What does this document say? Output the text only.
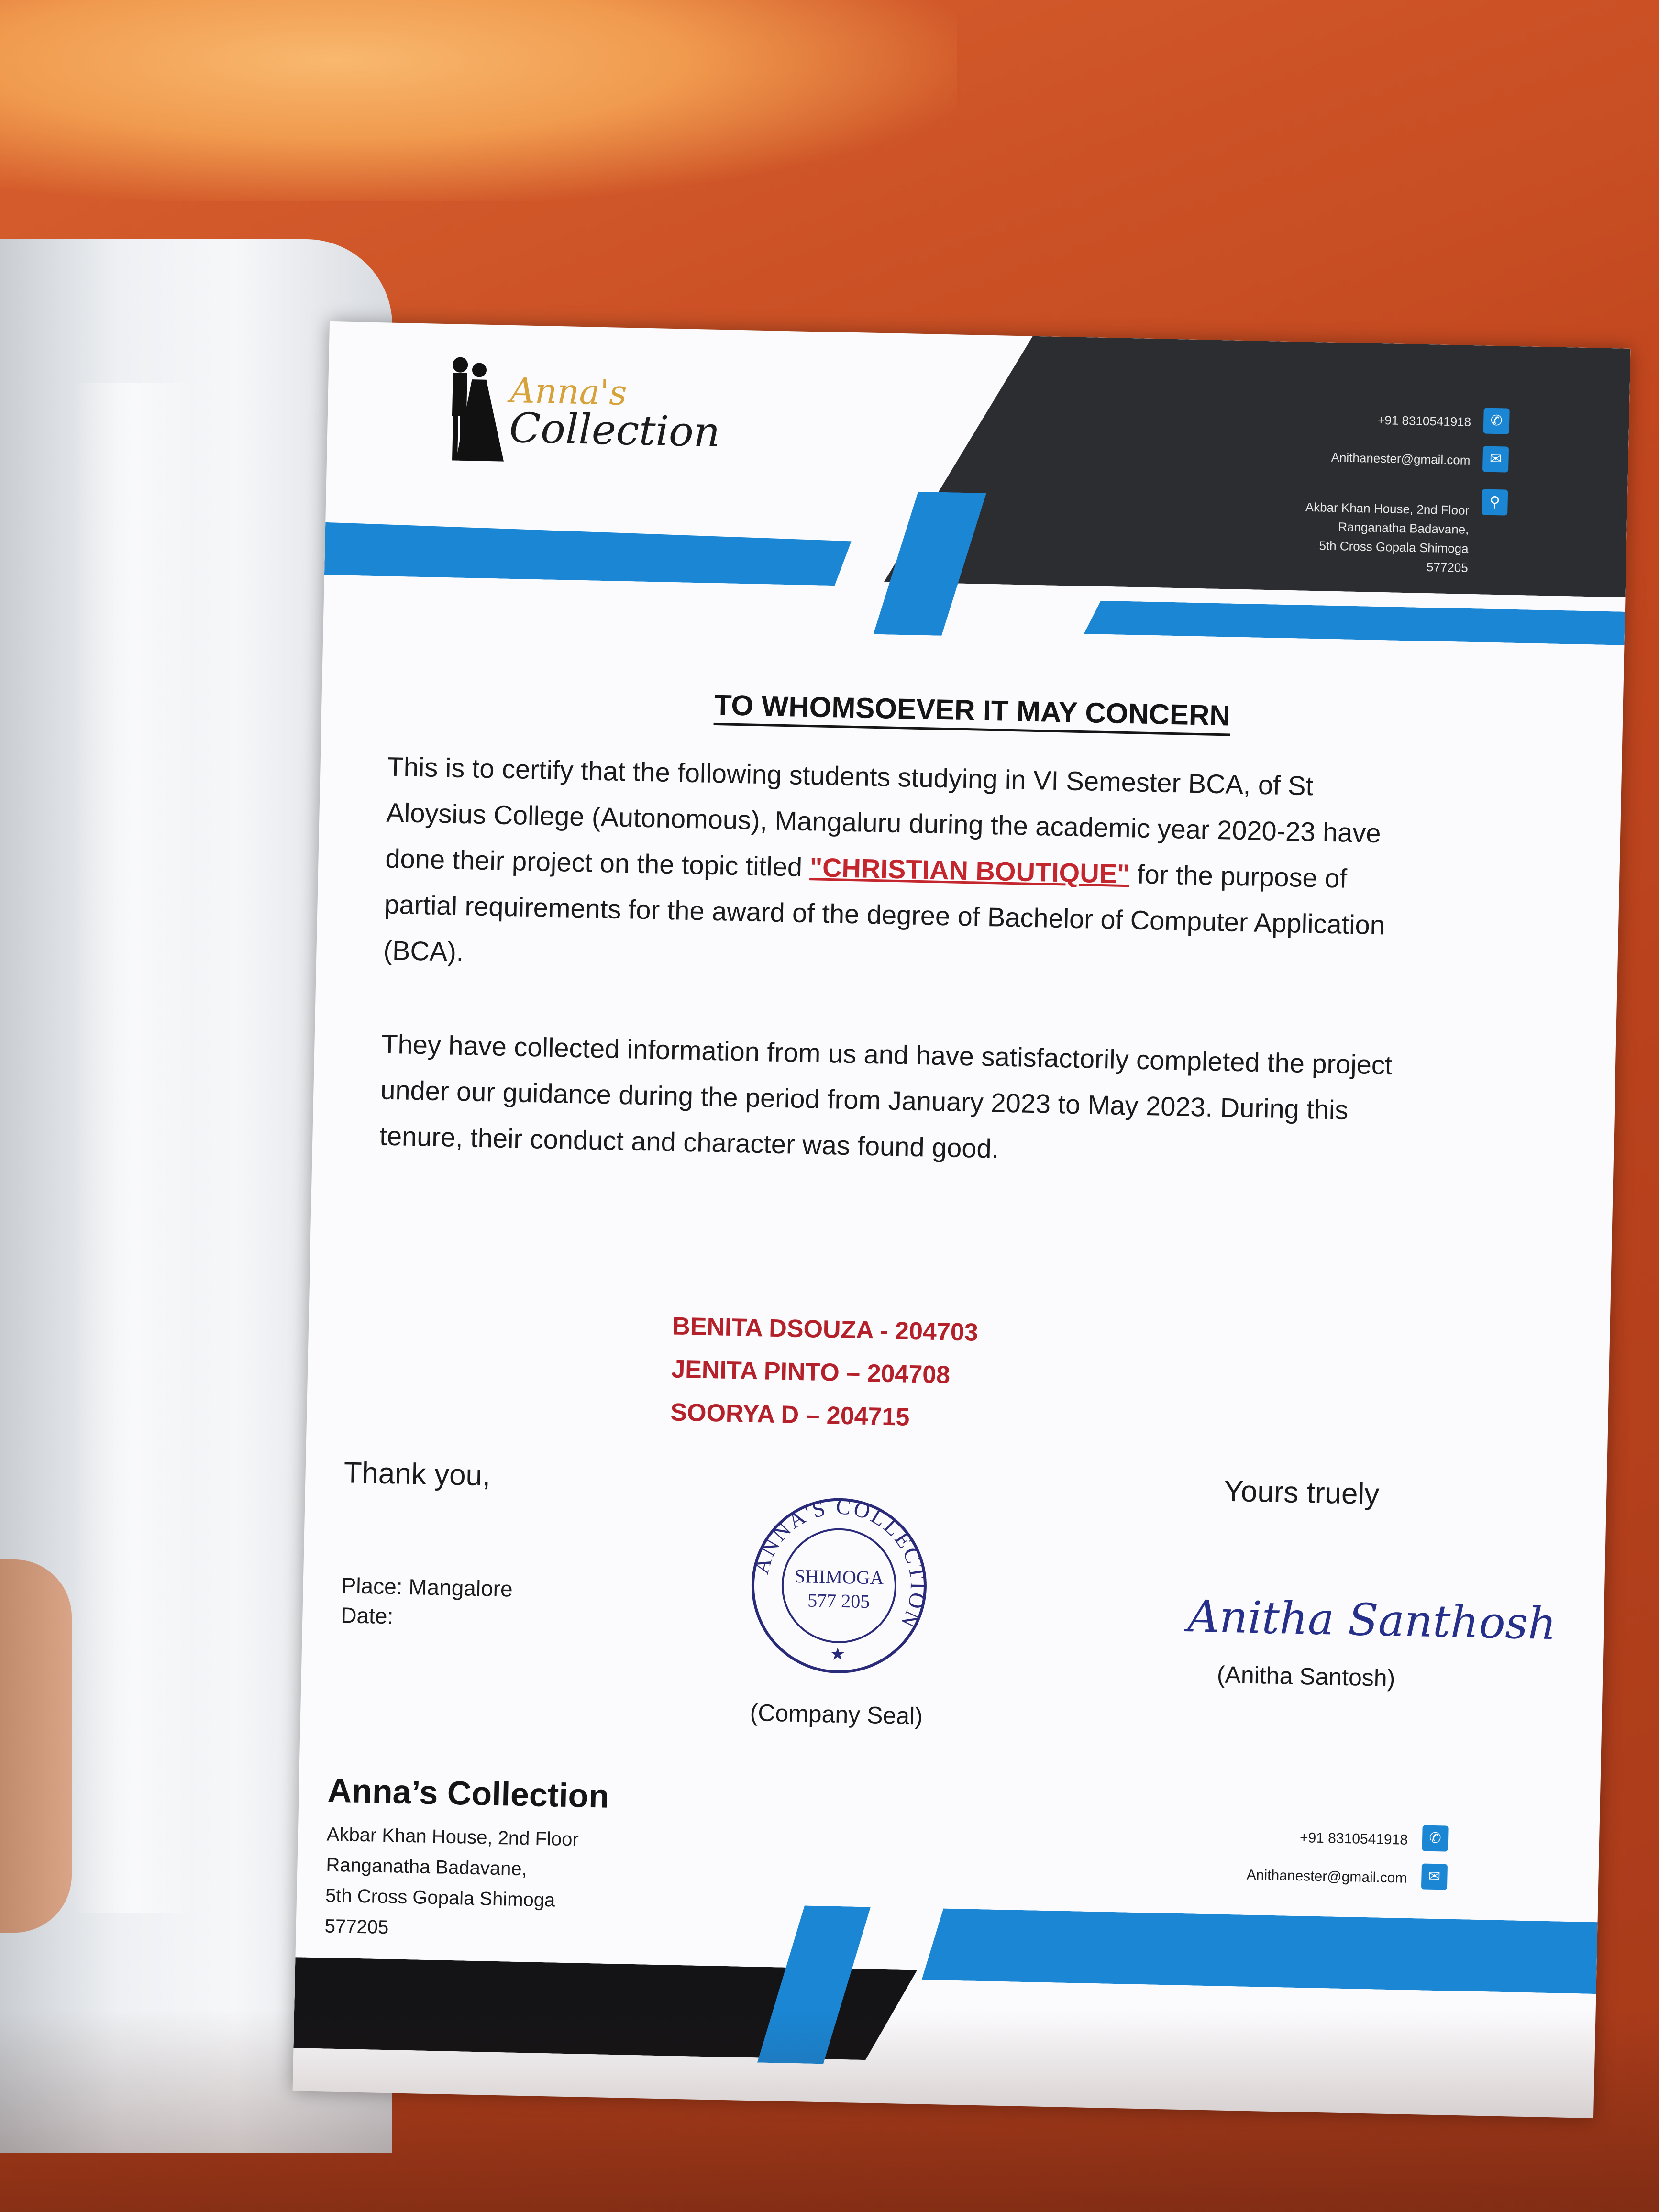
Anna's
Collection	+91 8310541918	✆
Anithanester@gmail.com	✉
Akbar Khan House, 2nd Floor
Ranganatha Badavane,
5th Cross Gopala Shimoga
577205
⚲
TO WHOMSOEVER IT MAY CONCERN
This is to certify that the following students studying in VI Semester BCA, of St Aloysius College (Autonomous), Mangaluru during the academic year 2020-23 have done their project on the topic titled "CHRISTIAN BOUTIQUE" for the purpose of partial requirements for the award of the degree of Bachelor of Computer Application (BCA).
They have collected information from us and have satisfactorily completed the project under our guidance during the period from January 2023 to May 2023. During this tenure, their conduct and character was found good.
BENITA DSOUZA - 204703
JENITA PINTO – 204708
SOORYA D – 204715
Thank you,
Yours truely
Place: Mangalore
Date:
ANNA'S COLLECTION
SHIMOGA
577 205
★
(Company Seal)
Anitha Santhosh
(Anitha Santosh)
Anna’s Collection
Akbar Khan House, 2nd Floor
Ranganatha Badavane,
5th Cross Gopala Shimoga
577205
+91 8310541918	✆
Anithanester@gmail.com	✉
